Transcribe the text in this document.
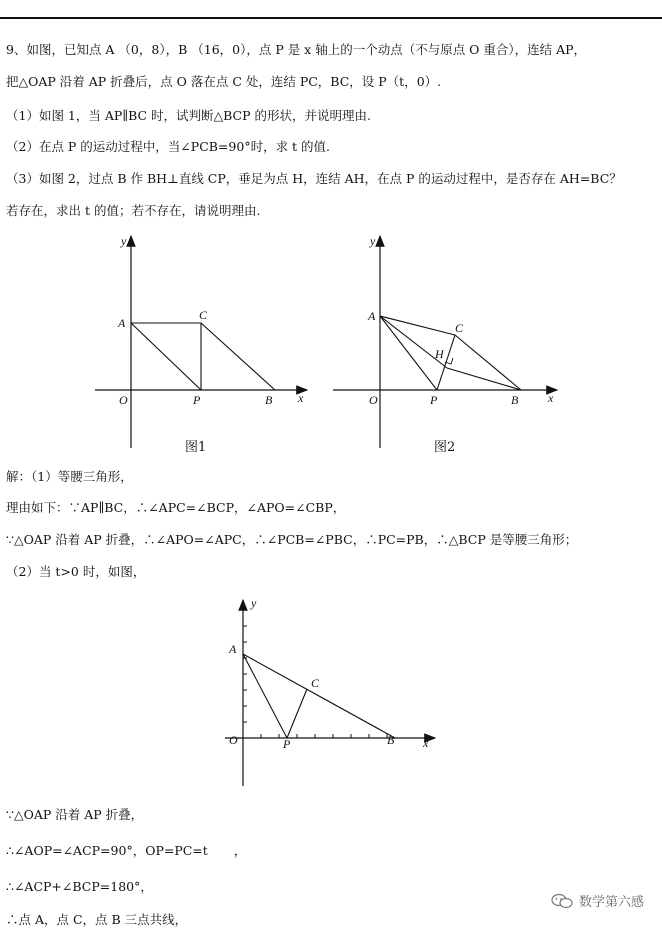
9、如图，已知点 A （0，8），B （16，0），点 P 是 x 轴上的一个动点（不与原点 O 重合），连结 AP，
把△OAP 沿着 AP 折叠后，点 O 落在点 C 处，连结 PC，BC，设 P（t，0）.
（1）如图 1，当 AP∥BC 时，试判断△BCP 的形状，并说明理由.
（2）在点 P 的运动过程中，当∠PCB=90°时，求 t 的值.
（3）如图 2，过点 B 作 BH⊥直线 CP，垂足为点 H，连结 AH，在点 P 的运动过程中，是否存在 AH=BC？
若存在，求出 t 的值；若不存在，请说明理由.
y
x
A
C
O	P	B
图1
y
x
A
C
H
O	P	B
图2
解：（1）等腰三角形，
理由如下：∵AP∥BC，∴∠APC=∠BCP，∠APO=∠CBP，
∵△OAP 沿着 AP 折叠，∴∠APO=∠APC，∴∠PCB=∠PBC，∴PC=PB，∴△BCP 是等腰三角形；
（2）当 t>0 时，如图，
y
x
A
C
O	P	B
∵△OAP 沿着 AP 折叠，
∴∠AOP=∠ACP=90°，OP=PC=t ，
∴∠ACP+∠BCP=180°，
∴点 A，点 C，点 B 三点共线，
数学第六感
